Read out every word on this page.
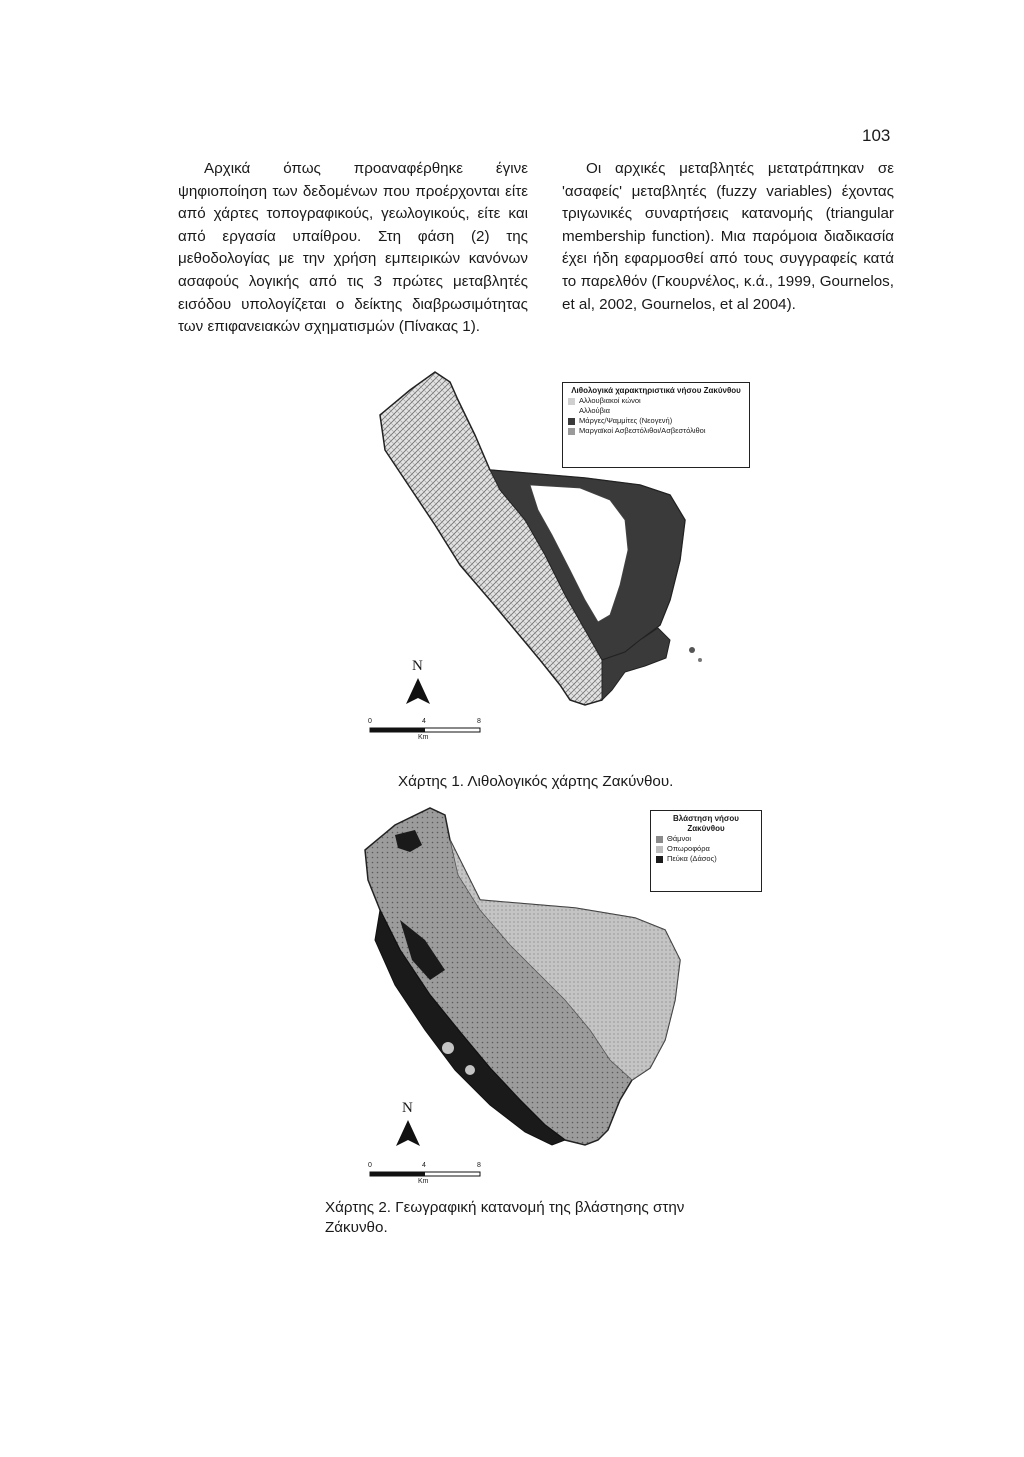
103

Αρχικά όπως προαναφέρθηκε έγινε ψηφιοποίηση των δεδομένων που προέρχονται είτε από χάρτες τοπογραφικούς, γεωλογικούς, είτε και από εργασία υπαίθρου. Στη φάση (2) της μεθοδολογίας με την χρήση εμπειρικών κανόνων ασαφούς λογικής από τις 3 πρώτες μεταβλητές εισόδου υπολογίζεται ο δείκτης διαβρωσιμότητας των επιφανειακών σχηματισμών (Πίνακας 1).

Οι αρχικές μεταβλητές μετατράπηκαν σε 'ασαφείς' μεταβλητές (fuzzy variables) έχοντας τριγωνικές συναρτήσεις κατανομής (triangular membership function). Μια παρόμοια διαδικασία έχει ήδη εφαρμοσθεί από τους συγγραφείς κατά το παρελθόν (Γκουρνέλος, κ.ά., 1999, Gournelos, et al, 2002, Gournelos, et al 2004).

N
0	4	8
Km
Λιθολογικά χαρακτηριστικά νήσου Ζακύνθου
Αλλουβιακοί κώνοι
Αλλούβια
Μάργες/Ψαμμίτες (Νεογενή)
Μαργαϊκοί Ασβεστόλιθοι/Ασβεστόλιθοι
Χάρτης 1. Λιθολογικός χάρτης Ζακύνθου.
N
0	4	8
Km
Βλάστηση νήσου Ζακύνθου
Θάμνοι
Οπωροφόρα
Πεύκα (Δάσος)
Χάρτης 2. Γεωγραφική κατανομή της βλάστησης στην Ζάκυνθο.
